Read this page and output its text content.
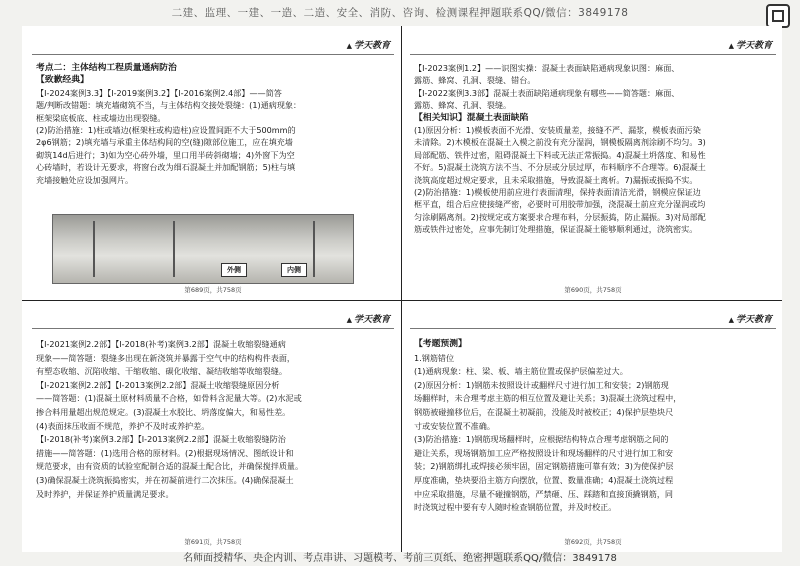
二建、监理、一建、一造、二造、安全、消防、咨询、检测课程押题联系QQ/微信：3849178
▲ 学天教育

考点二：主体结构工程质量通病防治

【致歉经典】

【Ⅰ-2024案例3.3】【Ⅰ-2019案例3.2】【Ⅰ-2016案例2.4部】——简答

题/判断改错题：填充墙砌筑不当，与主体结构交接处裂缝：(1)通病现象：

框架梁底板底、柱或墙边出现裂缝。

(2)防治措施：1)柱或墙边(框架柱或构造柱)应设置间距不大于500mm的

2φ6钢筋；2)填充墙与承重主体结构间的空(缝)隙部位施工，应在填充墙

砌筑14d后进行；3)如为空心砖外墙，里口用半砖斜砌墙；4)外窗下为空

心砖墙时，若设计无要求，将窗台改为细石混凝土并加配钢筋；5)柱与填

充墙接触处应设加强网片。

外侧	内侧
第689页，共758页
▲ 学天教育

【Ⅰ-2023案例1.2】——识图实操：混凝土表面缺陷通病现象识图：麻面、

露筋、蜂窝、孔洞、裂缝、错台。

【Ⅰ-2022案例3.3部】混凝土表面缺陷通病现象有哪些——简答题：麻面、

露筋、蜂窝、孔洞、裂缝。

【相关知识】混凝土表面缺陷

(1)原因分析：1)模板表面不光滑、安装质量差，接缝不严、漏浆，模板表面污染

未清除。2)木模板在混凝土入模之前没有充分湿润，钢模板隔离剂涂刷不均匀。3)

局部配筋、铁件过密，阻碍混凝土下料或无法正常振捣。4)混凝土坍落度、和易性

不好。5)混凝土浇筑方法不当、不分层或分层过厚，布料顺序不合理等。6)混凝土

浇筑高度超过规定要求，且未采取措施，导致混凝土离析。7)漏振或振捣不实。

(2)防治措施：1)模板使用前应进行表面清理，保持表面清洁光滑，钢模应保证边

框平直，组合后应使接缝严密，必要时可用胶带加强，浇混凝土前应充分湿润或均

匀涂刷隔离剂。2)按规定或方案要求合理布料，分层振捣，防止漏振。3)对局部配

筋或铁件过密处，应事先制订处理措施，保证混凝土能够顺利通过，浇筑密实。

第690页，共758页
▲ 学天教育

【Ⅰ-2021案例2.2部】【Ⅰ-2018(补考)案例3.2部】混凝土收缩裂缝通病

现象——简答题：裂缝多出现在新浇筑并暴露于空气中的结构构件表面，

有塑态收缩、沉陷收缩、干缩收缩、碳化收缩、凝结收缩等收缩裂缝。

【Ⅰ-2021案例2.2部】【Ⅰ-2013案例2.2部】混凝土收缩裂缝原因分析

——简答题：(1)混凝土原材料质量不合格，如骨料含泥量大等。(2)水泥或

掺合料用量超出规范规定。(3)混凝土水胶比、坍落度偏大，和易性差。

(4)表面抹压收面不规范，养护不及时或养护差。

【Ⅰ-2018(补考)案例3.2部】【Ⅰ-2013案例2.2部】混凝土收缩裂缝防治

措施——简答题：(1)选用合格的原材料。(2)根据现场情况、图纸设计和

规范要求，由有资质的试验室配制合适的混凝土配合比，并确保搅拌质量。

(3)确保混凝土浇筑振捣密实，并在初凝前进行二次抹压。(4)确保混凝土

及时养护，并保证养护质量满足要求。

第691页，共758页
▲ 学天教育

【考题预测】

1.钢筋错位

(1)通病现象：柱、梁、板、墙主筋位置或保护层偏差过大。

(2)原因分析：1)钢筋未按照设计或翻样尺寸进行加工和安装；2)钢筋现

场翻样时，未合理考虑主筋的相互位置及避让关系；3)混凝土浇筑过程中，

钢筋被碰撞移位后，在混凝土初凝前，没能及时被校正；4)保护层垫块尺

寸或安装位置不准确。

(3)防治措施：1)钢筋现场翻样时，应根据结构特点合理考虑钢筋之间的

避让关系，现场钢筋加工应严格按照设计和现场翻样的尺寸进行加工和安

装；2)钢筋绑扎或焊接必须牢固，固定钢筋措施可靠有效；3)为使保护层

厚度准确，垫块要沿主筋方向摆放，位置、数量准确；4)混凝土浇筑过程

中应采取措施，尽量不碰撞钢筋，严禁砸、压、踩踏和直接顶撬钢筋，同

时浇筑过程中要有专人随时检查钢筋位置，并及时校正。

第692页，共758页
名师面授精华、央企内训、考点串讲、习题模考、考前三页纸、绝密押题联系QQ/微信：3849178
